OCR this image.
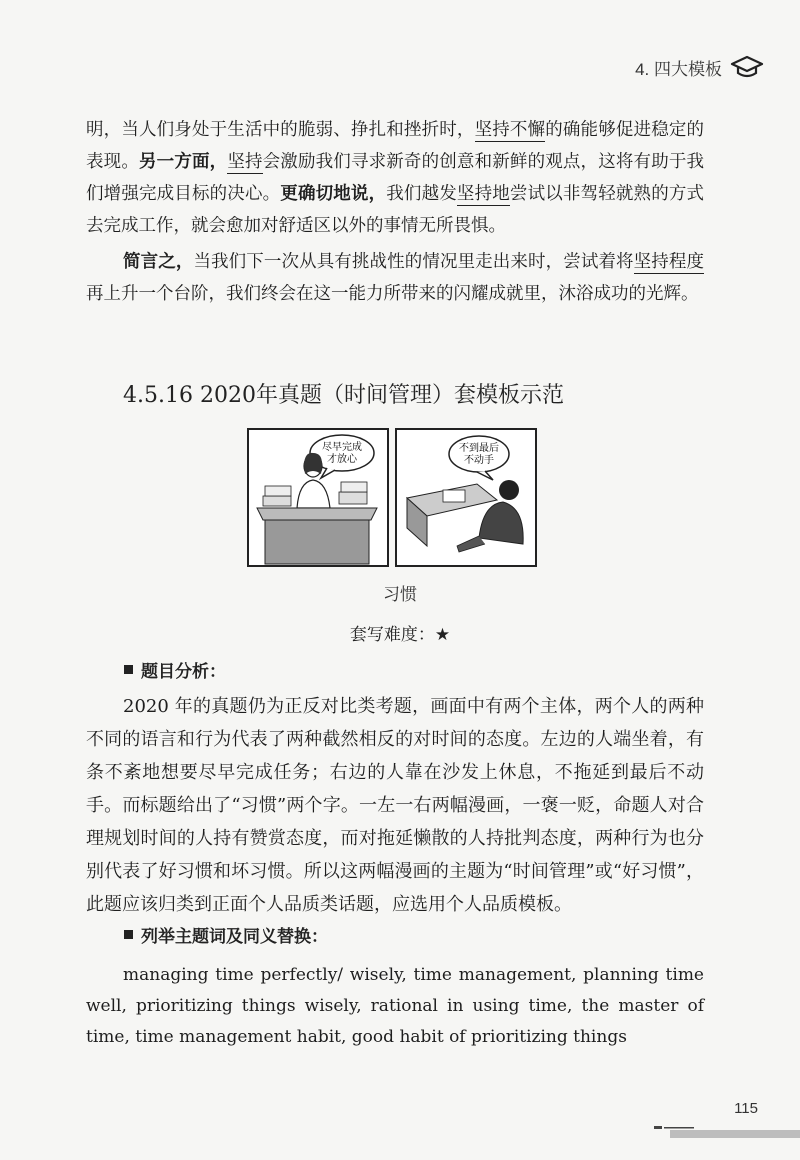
4. 四大模板

明，当人们身处于生活中的脆弱、挣扎和挫折时，坚持不懈的确能够促进稳定的表现。另一方面，坚持会激励我们寻求新奇的创意和新鲜的观点，这将有助于我们增强完成目标的决心。更确切地说，我们越发坚持地尝试以非驾轻就熟的方式去完成工作，就会愈加对舒适区以外的事情无所畏惧。

简言之，当我们下一次从具有挑战性的情况里走出来时，尝试着将坚持程度再上升一个台阶，我们终会在这一能力所带来的闪耀成就里，沐浴成功的光辉。

4.5.16 2020年真题（时间管理）套模板示范
尽早完成
才放心
不到最后
不动手
习惯
套写难度：★
题目分析：

2020 年的真题仍为正反对比类考题，画面中有两个主体，两个人的两种不同的语言和行为代表了两种截然相反的对时间的态度。左边的人端坐着，有条不紊地想要尽早完成任务；右边的人靠在沙发上休息，不拖延到最后不动手。而标题给出了“习惯”两个字。一左一右两幅漫画，一褒一贬，命题人对合理规划时间的人持有赞赏态度，而对拖延懒散的人持批判态度，两种行为也分别代表了好习惯和坏习惯。所以这两幅漫画的主题为“时间管理”或“好习惯”，此题应该归类到正面个人品质类话题，应选用个人品质模板。

列举主题词及同义替换：

managing time perfectly/ wisely, time management, planning time well, prioritizing things wisely, rational in using time, the master of time, time management habit, good habit of prioritizing things

115
